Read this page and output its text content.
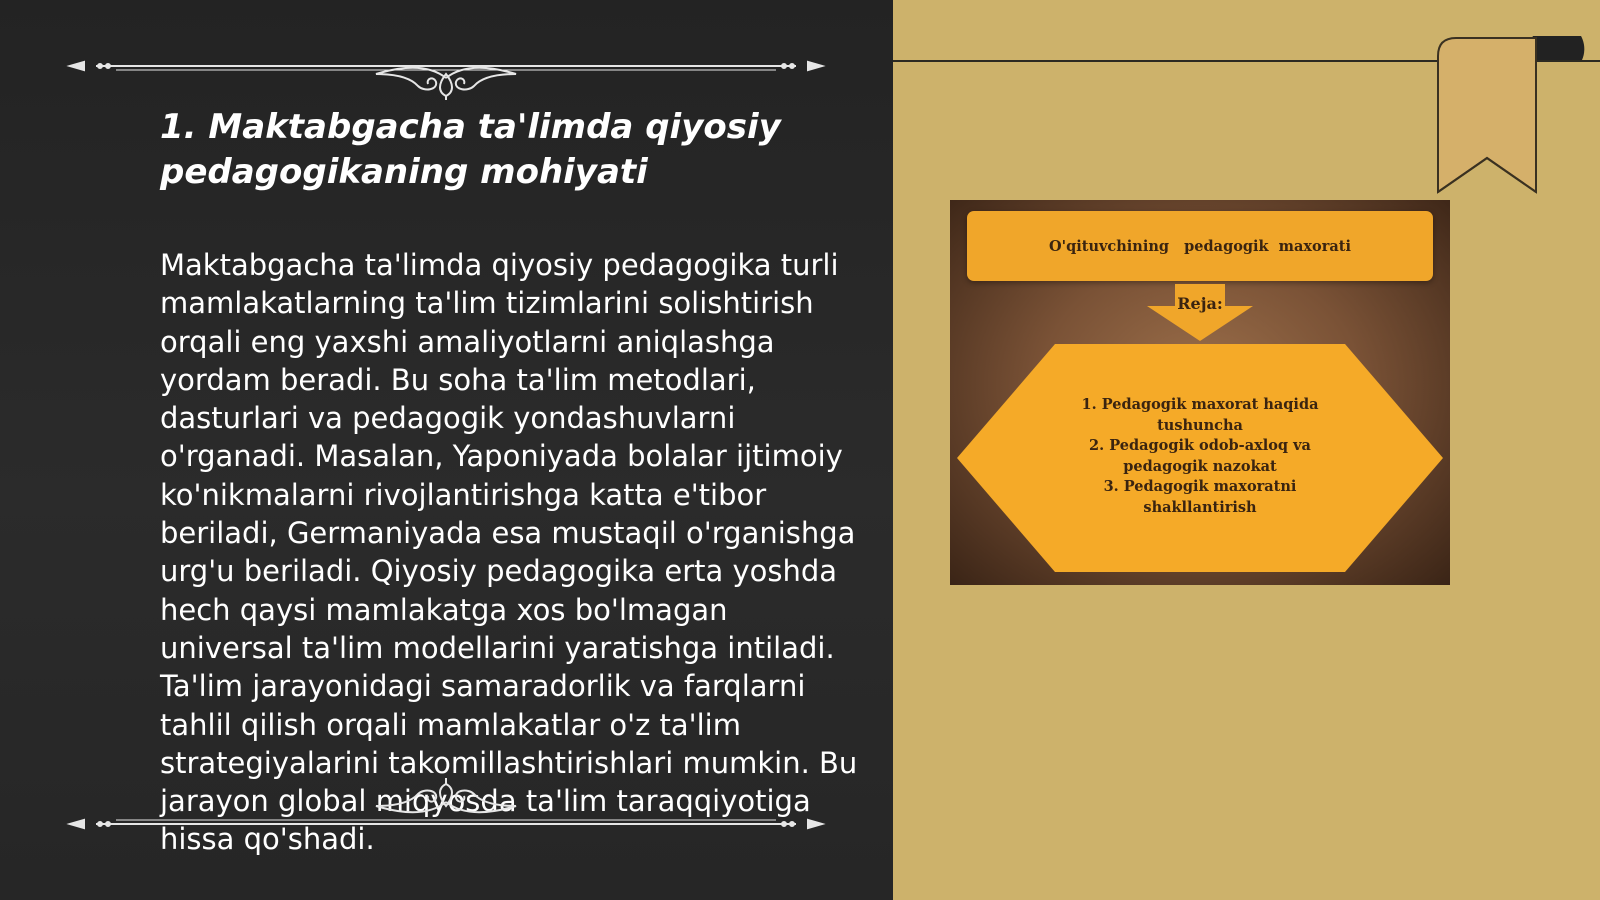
1. Maktabgacha ta'limda qiyosiy pedagogikaning mohiyati

Maktabgacha ta'limda qiyosiy pedagogika turli mamlakatlarning ta'lim tizimlarini solishtirish orqali eng yaxshi amaliyotlarni aniqlashga yordam beradi. Bu soha ta'lim metodlari, dasturlari va pedagogik yondashuvlarni o'rganadi. Masalan, Yaponiyada bolalar ijtimoiy ko'nikmalarni rivojlantirishga katta e'tibor beriladi, Germaniyada esa mustaqil o'rganishga urg'u beriladi. Qiyosiy pedagogika erta yoshda hech qaysi mamlakatga xos bo'lmagan universal ta'lim modellarini yaratishga intiladi. Ta'lim jarayonidagi samaradorlik va farqlarni tahlil qilish orqali mamlakatlar o'z ta'lim strategiyalarini takomillashtirishlari mumkin. Bu jarayon global miqyosda ta'lim taraqqiyotiga hissa qo'shadi.

O'qituvchining   pedagogik  maxorati
Reja:
1. Pedagogik maxorat haqida tushuncha
2. Pedagogik odob-axloq va pedagogik nazokat
3. Pedagogik maxoratni shakllantirish
